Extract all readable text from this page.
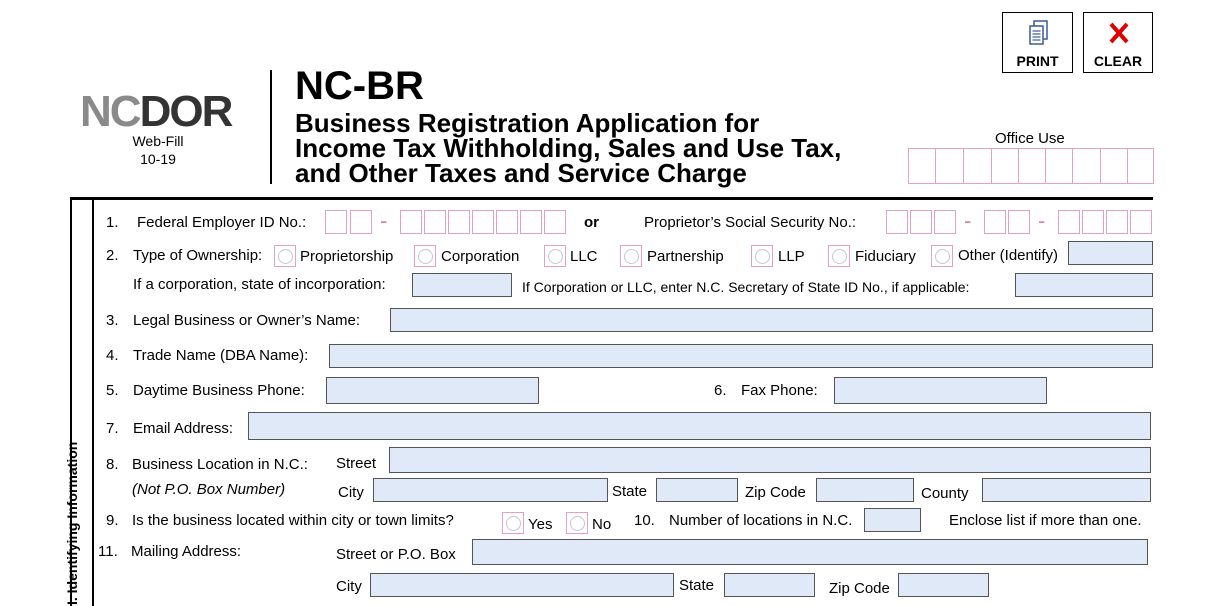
PRINT	CLEAR
NCDOR
Web-Fill
10-19
NC-BR
Business Registration Application for
Income Tax Withholding, Sales and Use Tax,
and Other Taxes and Service Charge
Office Use
I. Identifying Information
1. Federal Employer ID No.:	-	or	Proprietor’s Social Security No.:	-	-
2. Type of Ownership:	Proprietorship	Corporation	LLC	Partnership	LLP	Fiduciary	Other (Identify)
If a corporation, state of incorporation:	If Corporation or LLC, enter N.C. Secretary of State ID No., if applicable:
3. Legal Business or Owner’s Name:
4. Trade Name (DBA Name):
5. Daytime Business Phone:	6. Fax Phone:
7. Email Address:
8. Business Location in N.C.: Street
(Not P.O. Box Number)	City	State	Zip Code	County
9. Is the business located within city or town limits?	Yes	No 10. Number of locations in N.C.	Enclose list if more than one.
11. Mailing Address:	Street or P.O. Box
City	State	Zip Code
